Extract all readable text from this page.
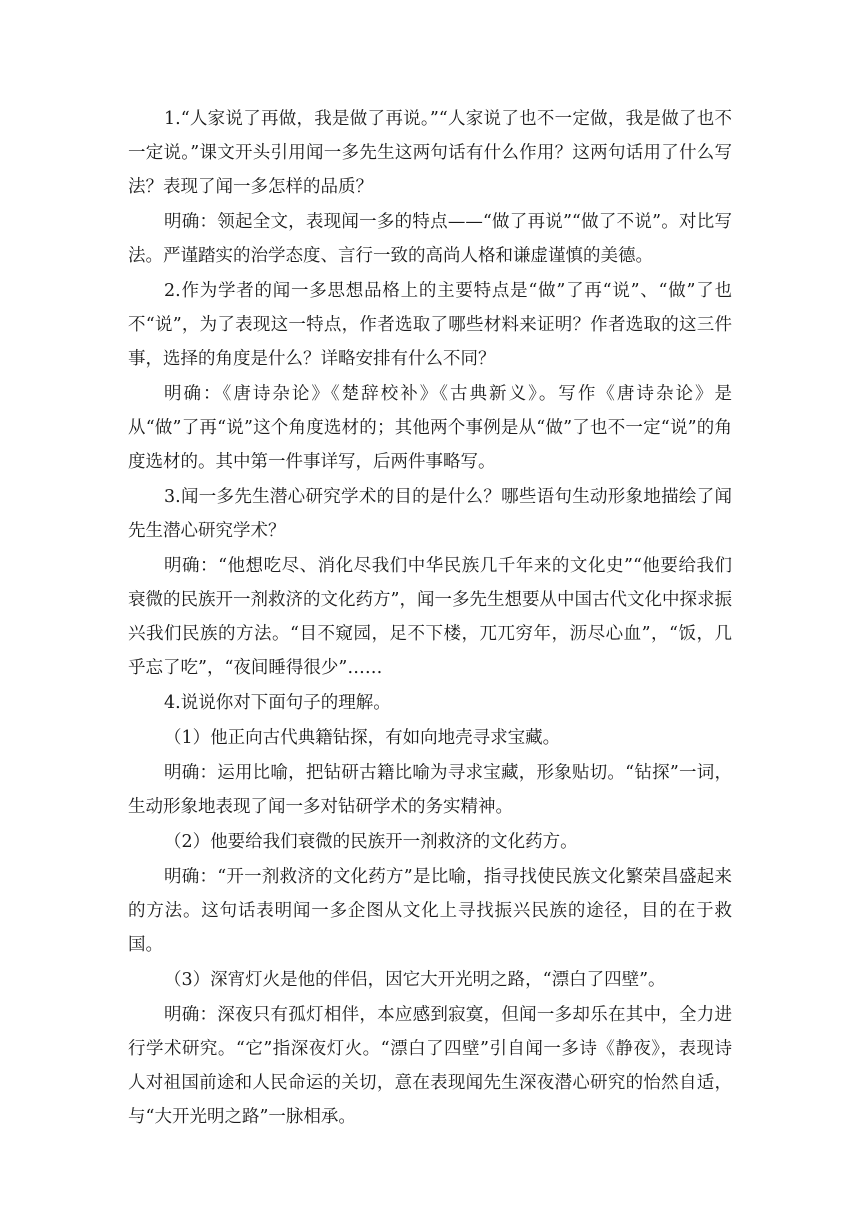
1.“人家说了再做，我是做了再说。”“人家说了也不一定做，我是做了也不一定说。”课文开头引用闻一多先生这两句话有什么作用？这两句话用了什么写法？表现了闻一多怎样的品质？

明确：领起全文，表现闻一多的特点——“做了再说”“做了不说”。对比写法。严谨踏实的治学态度、言行一致的高尚人格和谦虚谨慎的美德。

2.作为学者的闻一多思想品格上的主要特点是“做”了再“说”、“做”了也不“说”，为了表现这一特点，作者选取了哪些材料来证明？作者选取的这三件事，选择的角度是什么？详略安排有什么不同？

明确：《唐诗杂论》《楚辞校补》《古典新义》。写作《唐诗杂论》是从“做”了再“说”这个角度选材的；其他两个事例是从“做”了也不一定“说”的角度选材的。其中第一件事详写，后两件事略写。

3.闻一多先生潜心研究学术的目的是什么？哪些语句生动形象地描绘了闻先生潜心研究学术？

明确：“他想吃尽、消化尽我们中华民族几千年来的文化史”“他要给我们衰微的民族开一剂救济的文化药方”，闻一多先生想要从中国古代文化中探求振兴我们民族的方法。“目不窥园，足不下楼，兀兀穷年，沥尽心血”，“饭，几乎忘了吃”，“夜间睡得很少”……

4.说说你对下面句子的理解。

（1）他正向古代典籍钻探，有如向地壳寻求宝藏。

明确：运用比喻，把钻研古籍比喻为寻求宝藏，形象贴切。“钻探”一词，生动形象地表现了闻一多对钻研学术的务实精神。

（2）他要给我们衰微的民族开一剂救济的文化药方。

明确：“开一剂救济的文化药方”是比喻，指寻找使民族文化繁荣昌盛起来的方法。这句话表明闻一多企图从文化上寻找振兴民族的途径，目的在于救国。

（3）深宵灯火是他的伴侣，因它大开光明之路，“漂白了四壁”。

明确：深夜只有孤灯相伴，本应感到寂寞，但闻一多却乐在其中，全力进行学术研究。“它”指深夜灯火。“漂白了四壁”引自闻一多诗《静夜》，表现诗人对祖国前途和人民命运的关切，意在表现闻先生深夜潜心研究的怡然自适，与“大开光明之路”一脉相承。
